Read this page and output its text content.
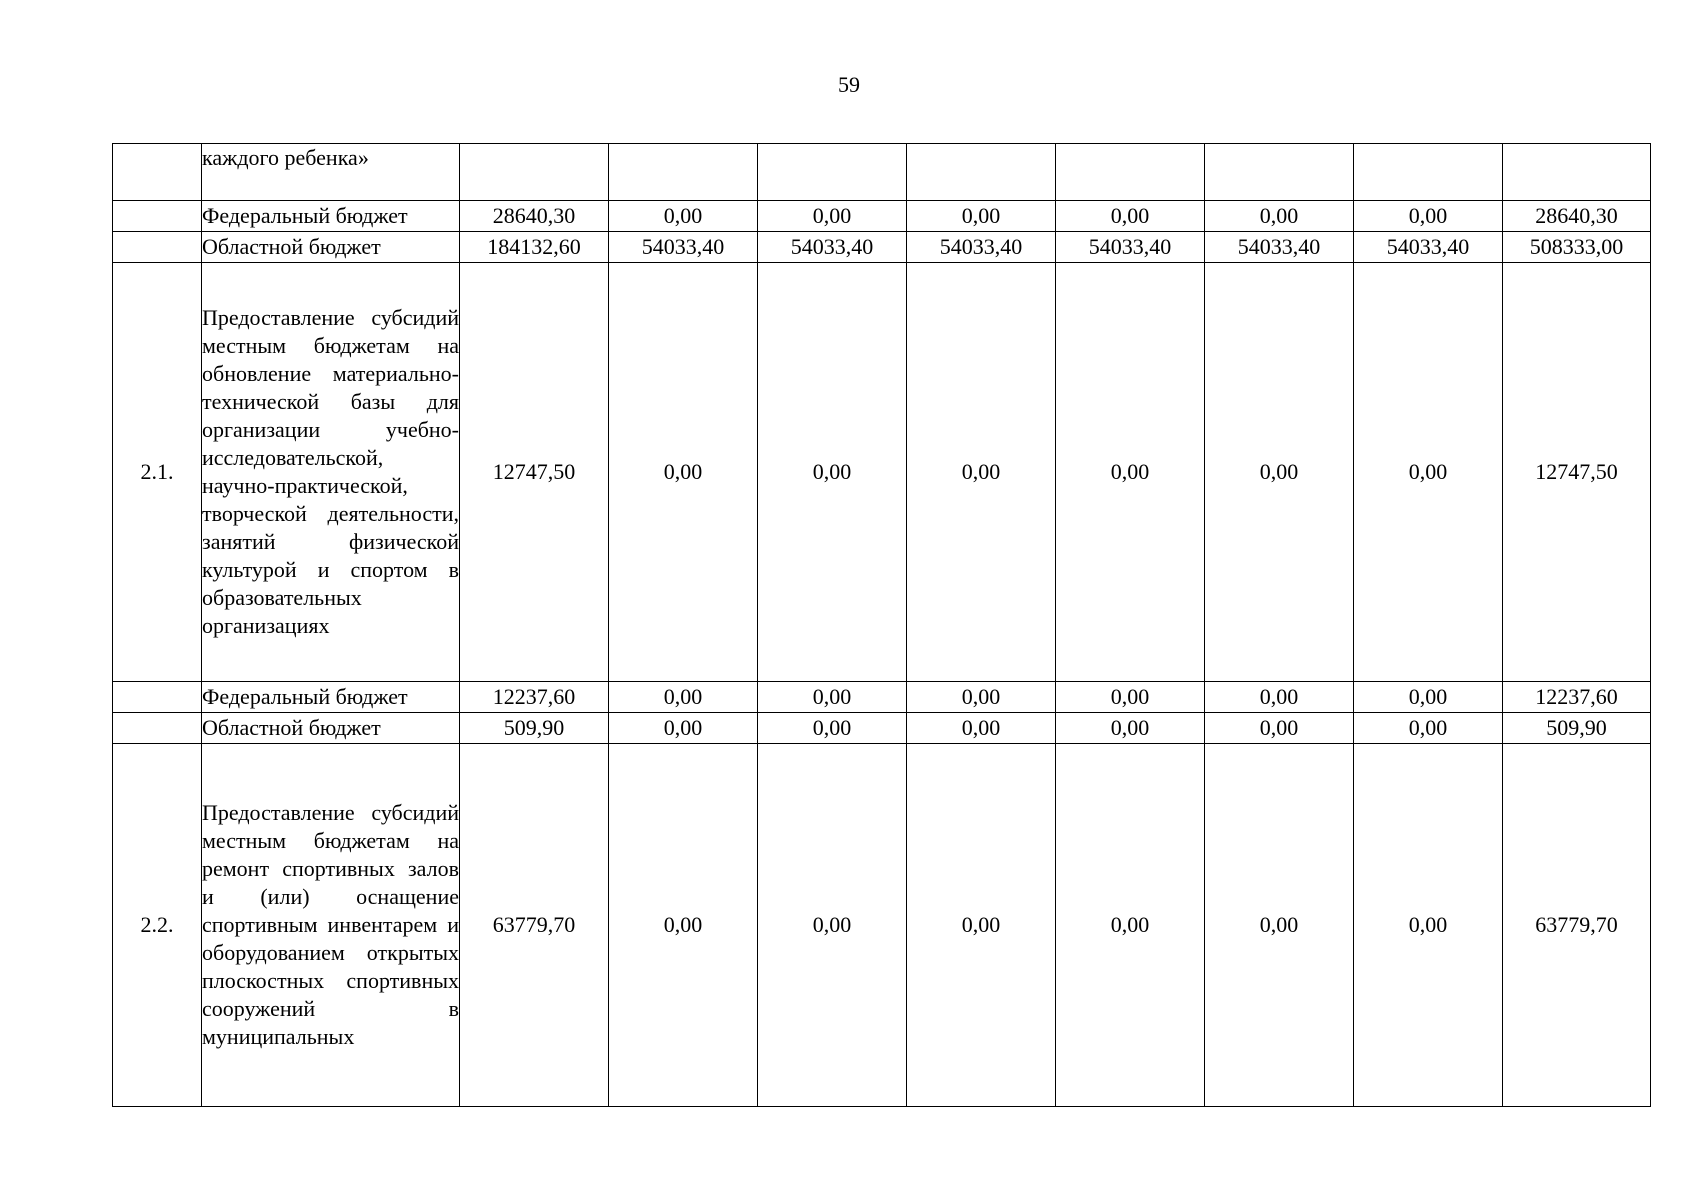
59
	каждого ребенка»								
	Федеральный бюджет	28640,30	0,00	0,00	0,00	0,00	0,00	0,00	28640,30
	Областной бюджет	184132,60	54033,40	54033,40	54033,40	54033,40	54033,40	54033,40	508333,00
2.1.	Предоставление субсидий местным бюджетам на обновление материально-технической базы для организации учебно-исследовательской, научно-практической, творческой деятельности, занятий физической культурой и спортом в образовательных организациях	12747,50	0,00	0,00	0,00	0,00	0,00	0,00	12747,50
	Федеральный бюджет	12237,60	0,00	0,00	0,00	0,00	0,00	0,00	12237,60
	Областной бюджет	509,90	0,00	0,00	0,00	0,00	0,00	0,00	509,90
2.2.	Предоставление субсидий местным бюджетам на ремонт спортивных залов и (или) оснащение спортивным инвентарем и оборудованием открытых плоскостных спортивных сооружений в муниципальных	63779,70	0,00	0,00	0,00	0,00	0,00	0,00	63779,70
